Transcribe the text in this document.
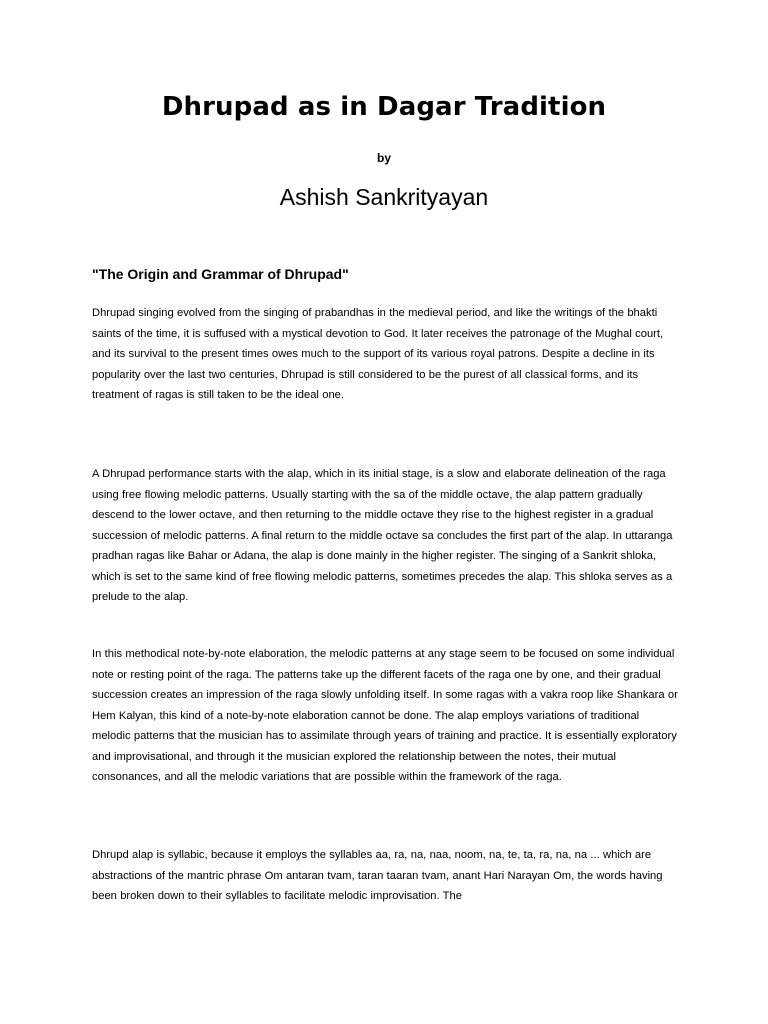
Dhrupad as in Dagar Tradition
by
Ashish Sankrityayan
"The Origin and Grammar of Dhrupad"

Dhrupad singing evolved from the singing of prabandhas in the medieval period, and like the writings of the bhakti saints of the time, it is suffused with a mystical devotion to God. It later receives the patronage of the Mughal court, and its survival to the present times owes much to the support of its various royal patrons. Despite a decline in its popularity over the last two centuries, Dhrupad is still considered to be the purest of all classical forms, and its treatment of ragas is still taken to be the ideal one.

A Dhrupad performance starts with the alap, which in its initial stage, is a slow and elaborate delineation of the raga using free flowing melodic patterns. Usually starting with the sa of the middle octave, the alap pattern gradually descend to the lower octave, and then returning to the middle octave they rise to the highest register in a gradual succession of melodic patterns. A final return to the middle octave sa concludes the first part of the alap. In uttaranga pradhan ragas like Bahar or Adana, the alap is done mainly in the higher register. The singing of a Sankrit shloka, which is set to the same kind of free flowing melodic patterns, sometimes precedes the alap. This shloka serves as a prelude to the alap.

In this methodical note-by-note elaboration, the melodic patterns at any stage seem to be focused on some individual note or resting point of the raga. The patterns take up the different facets of the raga one by one, and their gradual succession creates an impression of the raga slowly unfolding itself. In some ragas with a vakra roop like Shankara or Hem Kalyan, this kind of a note-by-note elaboration cannot be done. The alap employs variations of traditional melodic patterns that the musician has to assimilate through years of training and practice. It is essentially exploratory and improvisational, and through it the musician explored the relationship between the notes, their mutual consonances, and all the melodic variations that are possible within the framework of the raga.

Dhrupd alap is syllabic, because it employs the syllables aa, ra, na, naa, noom, na, te, ta, ra, na, na ... which are abstractions of the mantric phrase Om antaran tvam, taran taaran tvam, anant Hari Narayan Om, the words having been broken down to their syllables to facilitate melodic improvisation. The
